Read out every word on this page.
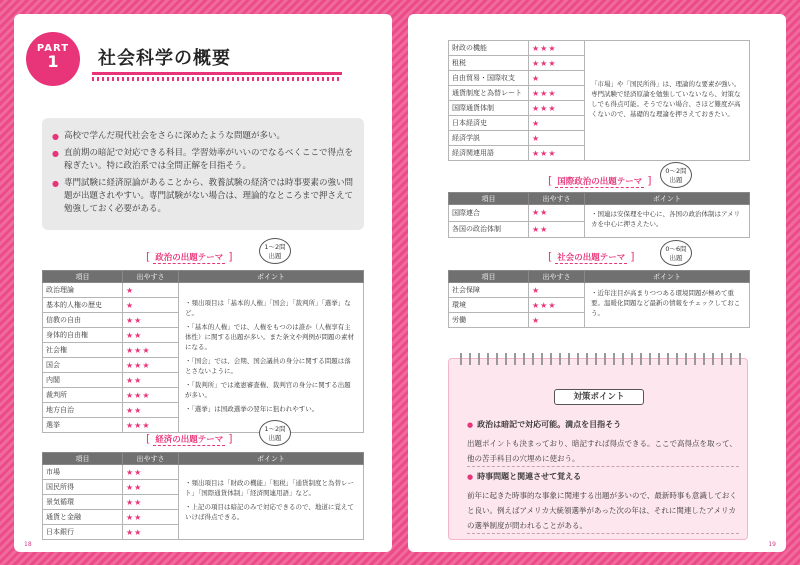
PART
1	社会科学の概要
● 高校で学んだ現代社会をさらに深めたような問題が多い。
● 直前期の暗記で対応できる科目。学習効率がいいのでなるべくここで得点を稼ぎたい。特に政治系では全問正解を目指そう。
● 専門試験に経済原論があることから、教養試験の経済では時事要素の強い問題が出題されやすい。専門試験がない場合は、理論的なところまで押さえて勉強しておく必要がある。
[ 政治の出題テーマ ]
1〜2問
出題
項目	出やすさ	ポイント
政治理論	★	・頻出項目は「基本的人権」「国会」「裁判所」「選挙」など。

・「基本的人権」では、人権をもつのは誰か（人権享有主体性）に関する出題が多い。また条文や判例が問題の素材になる。

・「国会」では、会期、国会議員の身分に関する問題は落とさないように。

・「裁判所」では違憲審査権、裁判官の身分に関する出題が多い。

・「選挙」は国政選挙の翌年に狙われやすい。

基本的人権の歴史	★	
信教の自由	★★	
身体的自由権	★★	
社会権	★★★	
国会	★★★	
内閣	★★	
裁判所	★★★	
地方自治	★★	
選挙	★★★	
[ 経済の出題テーマ ]
1〜2問
出題
項目	出やすさ	ポイント
市場	★★	・頻出項目は「財政の機能」「租税」「通貨制度と為替レート」「国際通貨体制」「経済関連用語」など。

・上記の項目は暗記のみで対応できるので、地道に覚えていけば得点できる。

国民所得	★★	
景気循環	★★	
通貨と金融	★★	
日本銀行	★★	
18
財政の機能	★★★	「市場」や「国民所得」は、理論的な要素が強い。専門試験で経済原論を勉強していないなら、対策なしでも得点可能。そうでない場合、さほど難度が高くないので、基礎的な理論を押さえておきたい。

租税	★★★	
自由貿易・国際収支	★	
通貨制度と為替レート	★★★	
国際通貨体制	★★★	
日本経済史	★	
経済学説	★	
経済関連用語	★★★	
[ 国際政治の出題テーマ ]
0〜2問
出題
項目	出やすさ	ポイント
国際連合	★★	・国連は安保理を中心に、各国の政治体制はアメリカを中心に押さえたい。

各国の政治体制	★★	
[ 社会の出題テーマ ]
0〜6問
出題
項目	出やすさ	ポイント
社会保障	★	・近年注目が高まりつつある環境問題が極めて重要。温暖化問題など最新の情報をチェックしておこう。

環境	★★★	
労働	★	
対策ポイント
● 政治は暗記で対応可能。満点を目指そう
出題ポイントも決まっており、暗記すれば得点できる。ここで高得点を取って、他の苦手科目の穴埋めに使おう。
● 時事問題と関連させて覚える
前年に起きた時事的な事象に関連する出題が多いので、最新時事も意識しておくと良い。例えばアメリカ大統領選挙があった次の年は、それに関連したアメリカの選挙制度が問われることがある。
19
